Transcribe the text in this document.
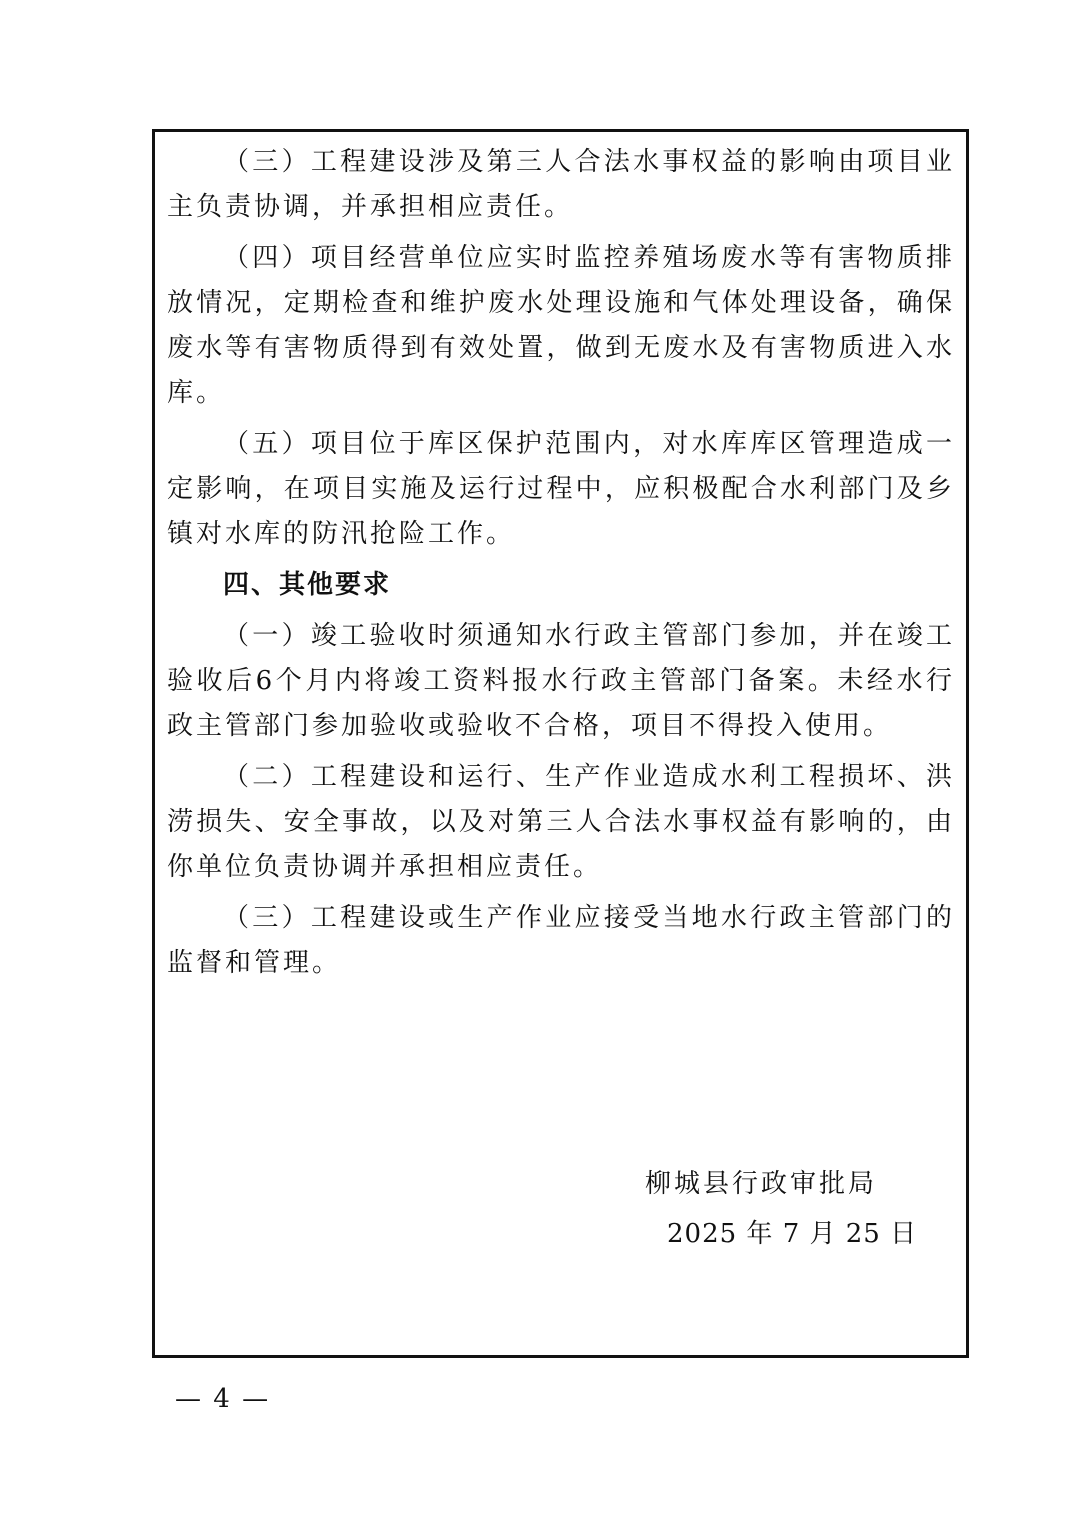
（三）工程建设涉及第三人合法水事权益的影响由项目业主负责协调，并承担相应责任。

（四）项目经营单位应实时监控养殖场废水等有害物质排放情况，定期检查和维护废水处理设施和气体处理设备，确保废水等有害物质得到有效处置，做到无废水及有害物质进入水库。

（五）项目位于库区保护范围内，对水库库区管理造成一定影响，在项目实施及运行过程中，应积极配合水利部门及乡镇对水库的防汛抢险工作。

四、其他要求

（一）竣工验收时须通知水行政主管部门参加，并在竣工验收后6个月内将竣工资料报水行政主管部门备案。未经水行政主管部门参加验收或验收不合格，项目不得投入使用。

（二）工程建设和运行、生产作业造成水利工程损坏、洪涝损失、安全事故，以及对第三人合法水事权益有影响的，由你单位负责协调并承担相应责任。

（三）工程建设或生产作业应接受当地水行政主管部门的监督和管理。

柳城县行政审批局
2025 年 7 月 25 日
— 4 —
